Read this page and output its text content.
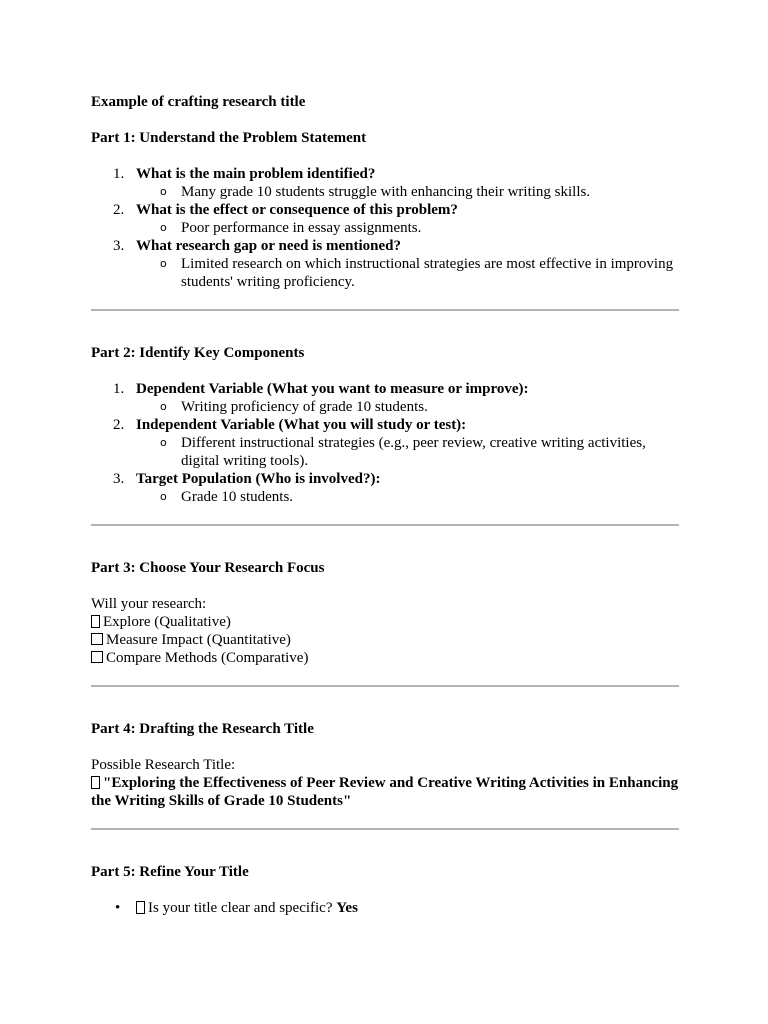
Example of crafting research title

Part 1: Understand the Problem Statement

1. What is the main problem identified?
o Many grade 10 students struggle with enhancing their writing skills.
2. What is the effect or consequence of this problem?
o Poor performance in essay assignments.
3. What research gap or need is mentioned?
o Limited research on which instructional strategies are most effective in improving students' writing proficiency.

Part 2: Identify Key Components

1. Dependent Variable (What you want to measure or improve):
o Writing proficiency of grade 10 students.
2. Independent Variable (What you will study or test):
o Different instructional strategies (e.g., peer review, creative writing activities, digital writing tools).
3. Target Population (Who is involved?):
o Grade 10 students.

Part 3: Choose Your Research Focus

Will your research:

Explore (Qualitative)
Measure Impact (Quantitative)
Compare Methods (Comparative)

Part 4: Drafting the Research Title

Possible Research Title:

"Exploring the Effectiveness of Peer Review and Creative Writing Activities in Enhancing the Writing Skills of Grade 10 Students"

Part 5: Refine Your Title

• Is your title clear and specific? Yes
